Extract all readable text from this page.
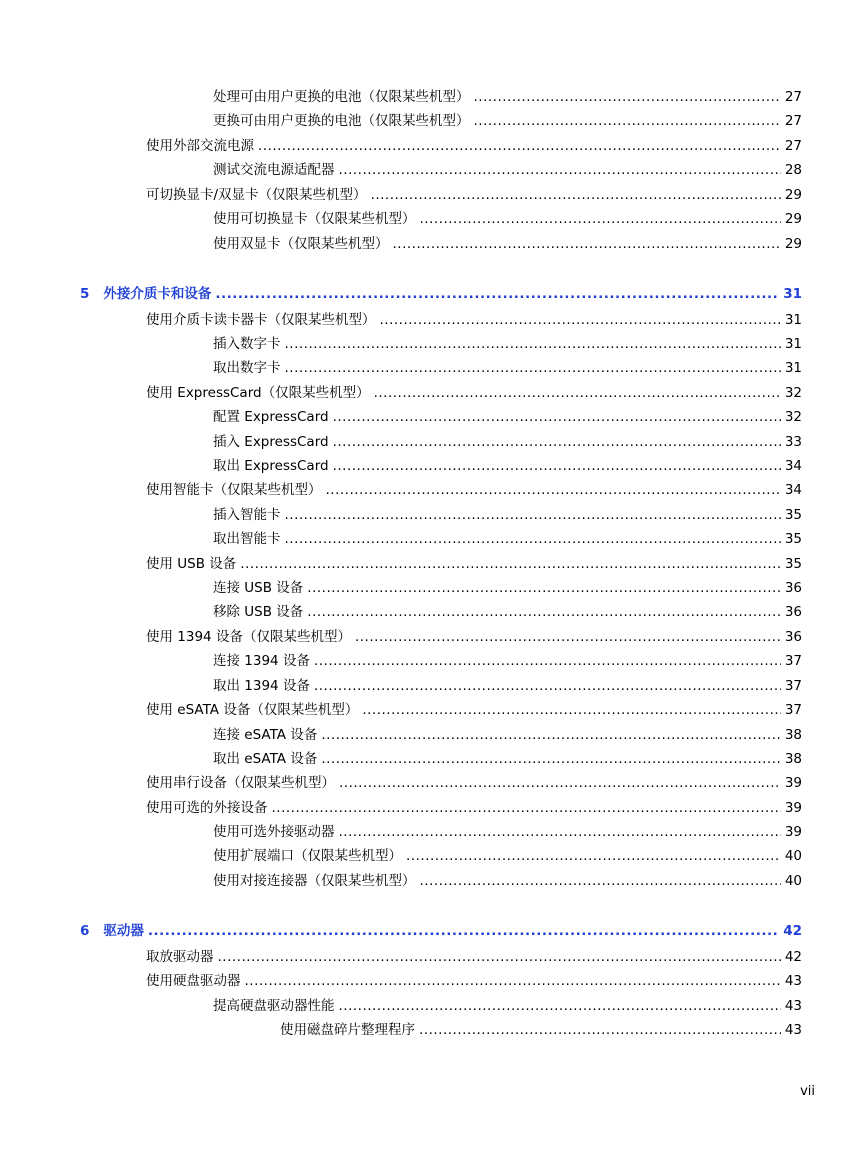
处理可由用户更换的电池（仅限某些机型） .....	27
更换可由用户更换的电池（仅限某些机型） .....	27
使用外部交流电源 .....	27
测试交流电源适配器 .....	28
可切换显卡/双显卡（仅限某些机型） .....	29
使用可切换显卡（仅限某些机型） .....	29
使用双显卡（仅限某些机型） .....	29
5 外接介质卡和设备 .....	31
使用介质卡读卡器卡（仅限某些机型） .....	31
插入数字卡 .....	31
取出数字卡 .....	31
使用 ExpressCard（仅限某些机型） .....	32
配置 ExpressCard .....	32
插入 ExpressCard .....	33
取出 ExpressCard .....	34
使用智能卡（仅限某些机型） .....	34
插入智能卡 .....	35
取出智能卡 .....	35
使用 USB 设备 .....	35
连接 USB 设备 .....	36
移除 USB 设备 .....	36
使用 1394 设备（仅限某些机型） .....	36
连接 1394 设备 .....	37
取出 1394 设备 .....	37
使用 eSATA 设备（仅限某些机型） .....	37
连接 eSATA 设备 .....	38
取出 eSATA 设备 .....	38
使用串行设备（仅限某些机型） .....	39
使用可选的外接设备 .....	39
使用可选外接驱动器 .....	39
使用扩展端口（仅限某些机型） .....	40
使用对接连接器（仅限某些机型） .....	40
6 驱动器 .....	42
取放驱动器 .....	42
使用硬盘驱动器 .....	43
提高硬盘驱动器性能 .....	43
使用磁盘碎片整理程序 .....	43
vii
